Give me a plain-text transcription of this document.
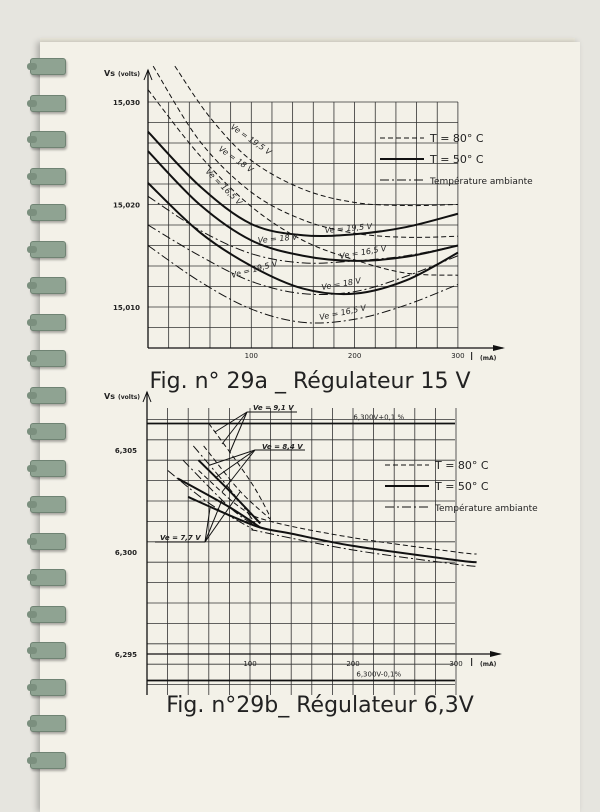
100	200	300
15,030
15,020
15,010
Vs (volts)
I (mA)
Fig. n° 29a _ Régulateur 15 V
T = 80° C
T = 50° C
Température ambiante
Ve = 19,5 V
Ve = 18 V
Ve = 16,5 V
Ve = 19,5 V
Ve = 18 V
Ve = 16,5 V
Ve = 19,5 V
Ve = 18 V
Ve = 16,5 V
100	200	300
6,305
6,300
6,295
Vs (volts)
I (mA)
Fig. n°29b_ Régulateur 6,3V
6,300V+0,1 %
6,300V-0,1%
T = 80° C
T = 50° C
Température ambiante
Ve = 9,1 V
Ve = 8,4 V
Ve = 7,7 V
